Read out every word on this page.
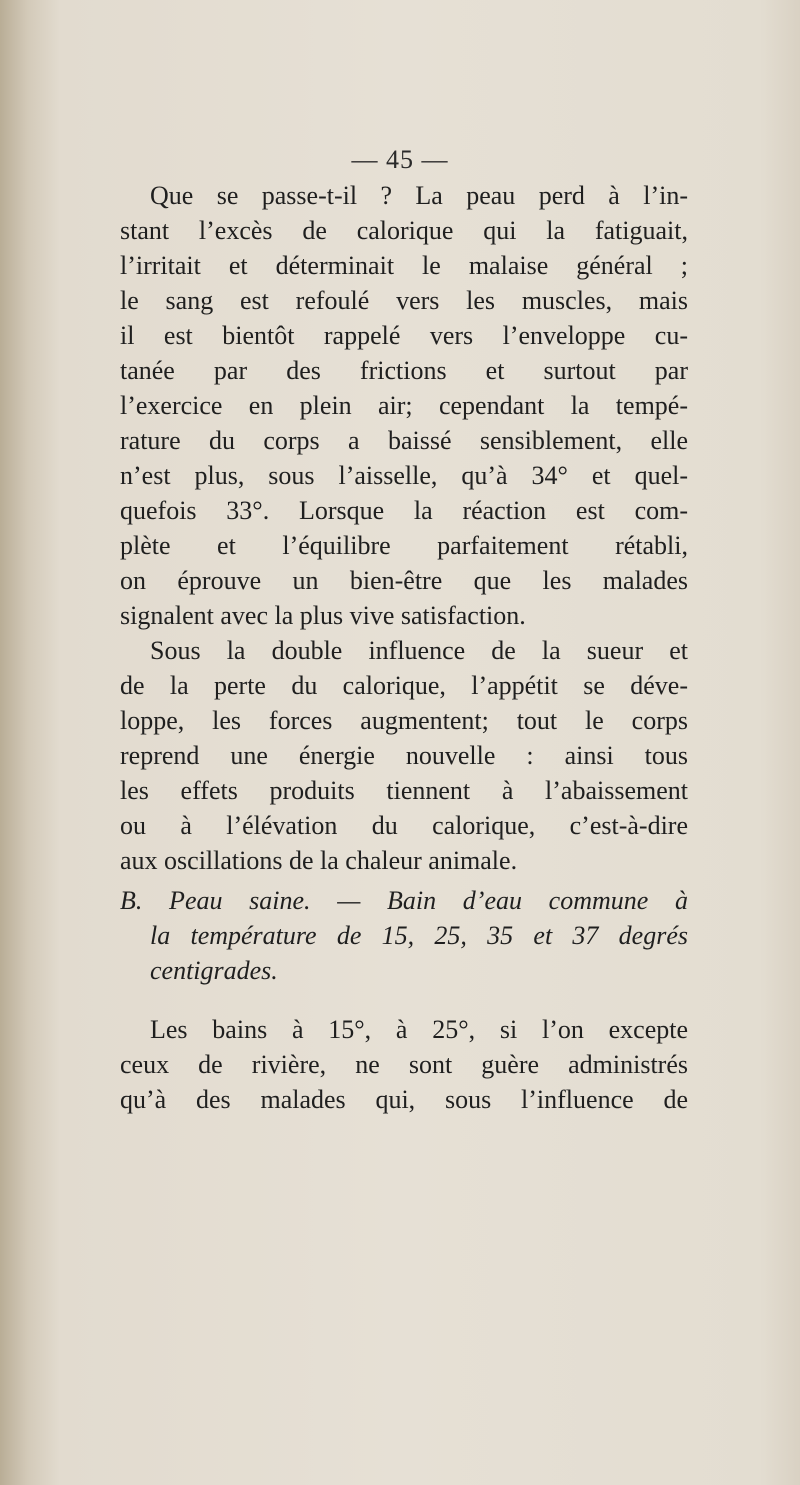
— 45 —
Que se passe-t-il ? La peau perd à l’in-
stant l’excès de calorique qui la fatiguait,
l’irritait et déterminait le malaise général ;
le sang est refoulé vers les muscles, mais
il est bientôt rappelé vers l’enveloppe cu-
tanée par des frictions et surtout par
l’exercice en plein air; cependant la tempé-
rature du corps a baissé sensiblement, elle
n’est plus, sous l’aisselle, qu’à 34° et quel-
quefois 33°. Lorsque la réaction est com-
plète et l’équilibre parfaitement rétabli,
on éprouve un bien-être que les malades
signalent avec la plus vive satisfaction.
Sous la double influence de la sueur et
de la perte du calorique, l’appétit se déve-
loppe, les forces augmentent; tout le corps
reprend une énergie nouvelle : ainsi tous
les effets produits tiennent à l’abaissement
ou à l’élévation du calorique, c’est-à-dire
aux oscillations de la chaleur animale.
B. Peau saine. — Bain d’eau commune à
la température de 15, 25, 35 et 37 degrés
centigrades.
Les bains à 15°, à 25°, si l’on excepte
ceux de rivière, ne sont guère administrés
qu’à des malades qui, sous l’influence de
